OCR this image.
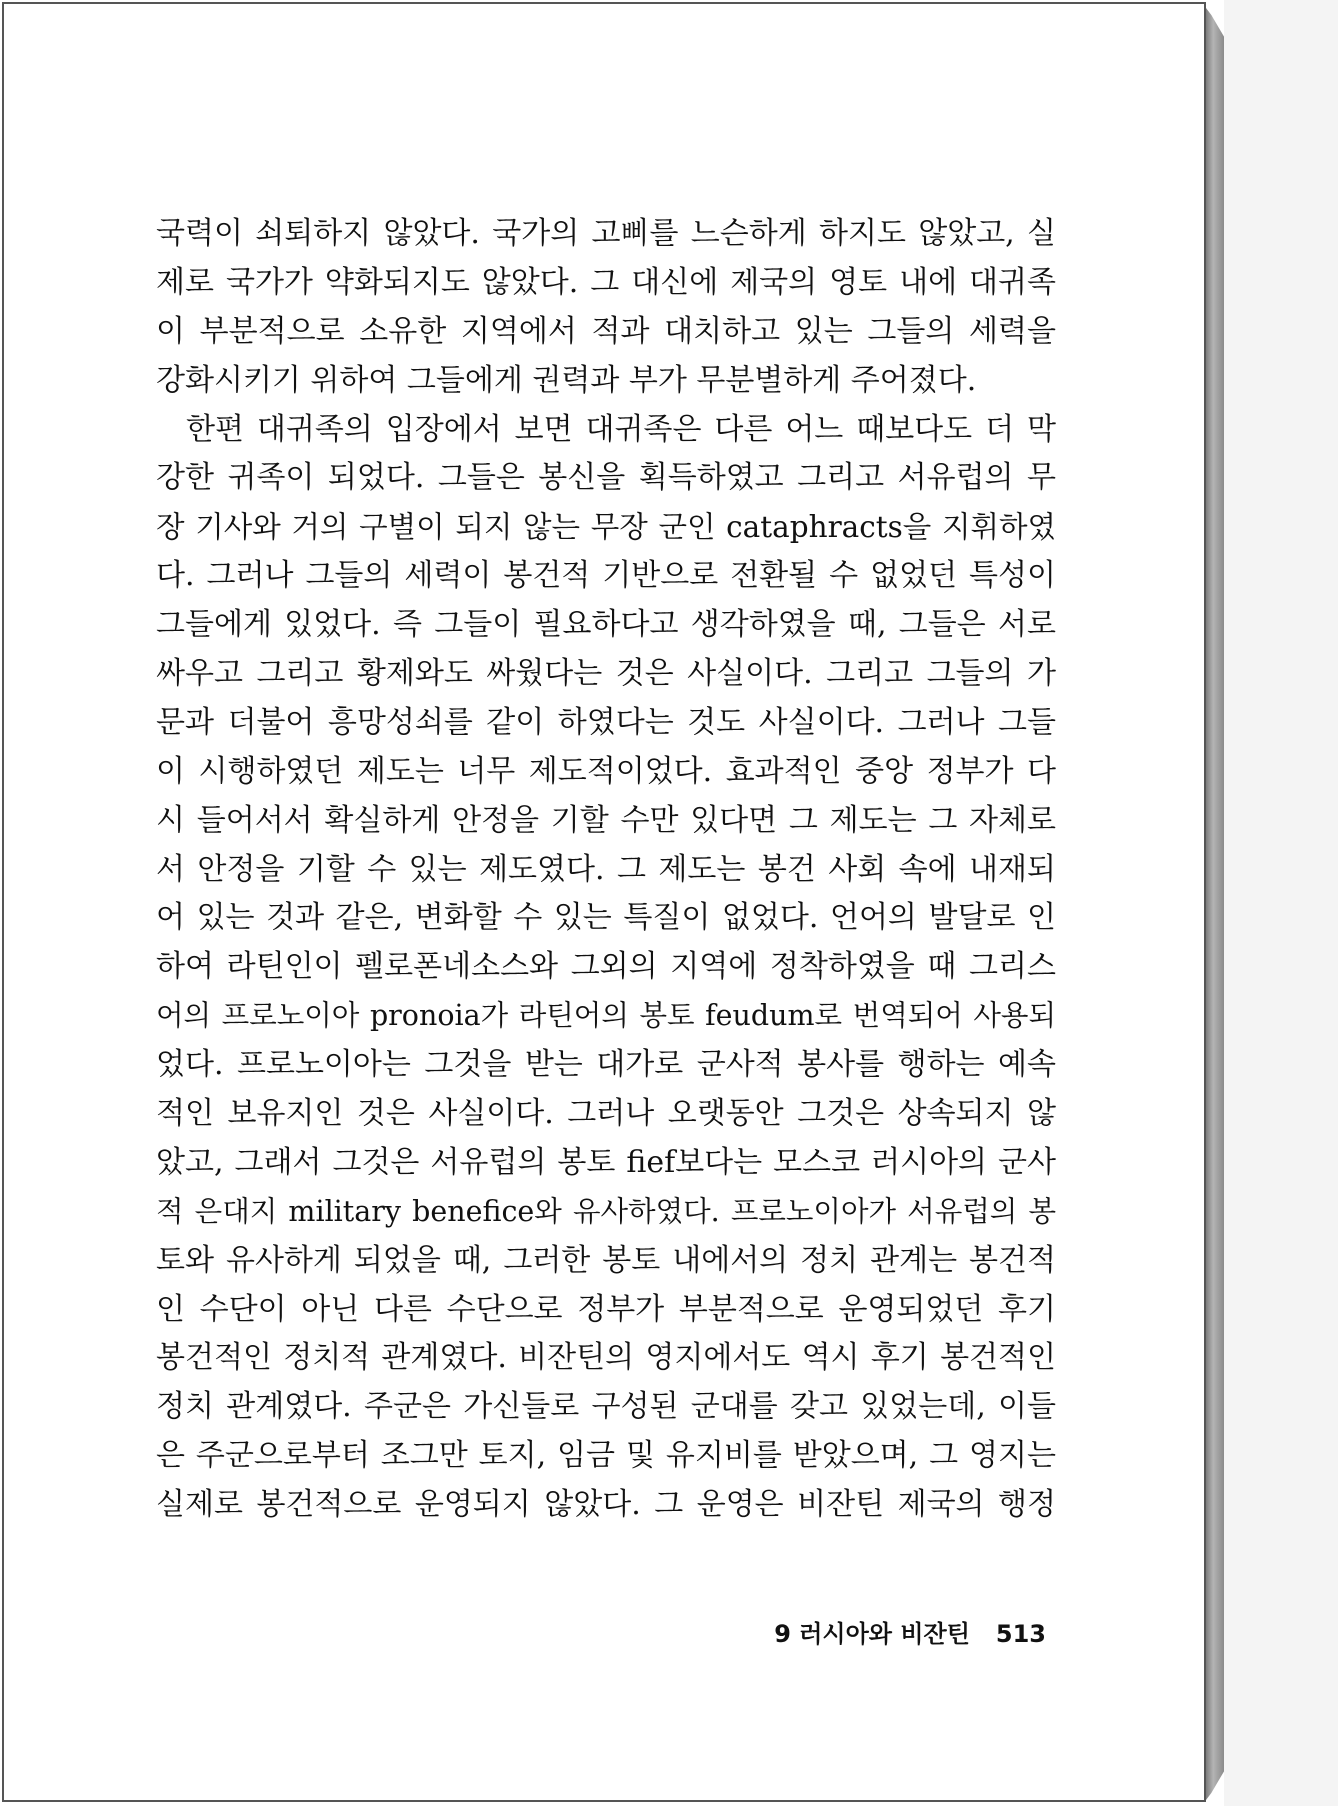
국력이 쇠퇴하지 않았다. 국가의 고삐를 느슨하게 하지도 않았고, 실
제로 국가가 약화되지도 않았다. 그 대신에 제국의 영토 내에 대귀족
이 부분적으로 소유한 지역에서 적과 대치하고 있는 그들의 세력을
강화시키기 위하여 그들에게 권력과 부가 무분별하게 주어졌다.
한편 대귀족의 입장에서 보면 대귀족은 다른 어느 때보다도 더 막
강한 귀족이 되었다. 그들은 봉신을 획득하였고 그리고 서유럽의 무
장 기사와 거의 구별이 되지 않는 무장 군인 cataphracts을 지휘하였
다. 그러나 그들의 세력이 봉건적 기반으로 전환될 수 없었던 특성이
그들에게 있었다. 즉 그들이 필요하다고 생각하였을 때, 그들은 서로
싸우고 그리고 황제와도 싸웠다는 것은 사실이다. 그리고 그들의 가
문과 더불어 흥망성쇠를 같이 하였다는 것도 사실이다. 그러나 그들
이 시행하였던 제도는 너무 제도적이었다. 효과적인 중앙 정부가 다
시 들어서서 확실하게 안정을 기할 수만 있다면 그 제도는 그 자체로
서 안정을 기할 수 있는 제도였다. 그 제도는 봉건 사회 속에 내재되
어 있는 것과 같은, 변화할 수 있는 특질이 없었다. 언어의 발달로 인
하여 라틴인이 펠로폰네소스와 그외의 지역에 정착하였을 때 그리스
어의 프로노이아 pronoia가 라틴어의 봉토 feudum로 번역되어 사용되
었다. 프로노이아는 그것을 받는 대가로 군사적 봉사를 행하는 예속
적인 보유지인 것은 사실이다. 그러나 오랫동안 그것은 상속되지 않
았고, 그래서 그것은 서유럽의 봉토 fief보다는 모스코 러시아의 군사
적 은대지 military benefice와 유사하였다. 프로노이아가 서유럽의 봉
토와 유사하게 되었을 때, 그러한 봉토 내에서의 정치 관계는 봉건적
인 수단이 아닌 다른 수단으로 정부가 부분적으로 운영되었던 후기
봉건적인 정치적 관계였다. 비잔틴의 영지에서도 역시 후기 봉건적인
정치 관계였다. 주군은 가신들로 구성된 군대를 갖고 있었는데, 이들
은 주군으로부터 조그만 토지, 임금 및 유지비를 받았으며, 그 영지는
실제로 봉건적으로 운영되지 않았다. 그 운영은 비잔틴 제국의 행정
9 러시아와 비잔틴 513
